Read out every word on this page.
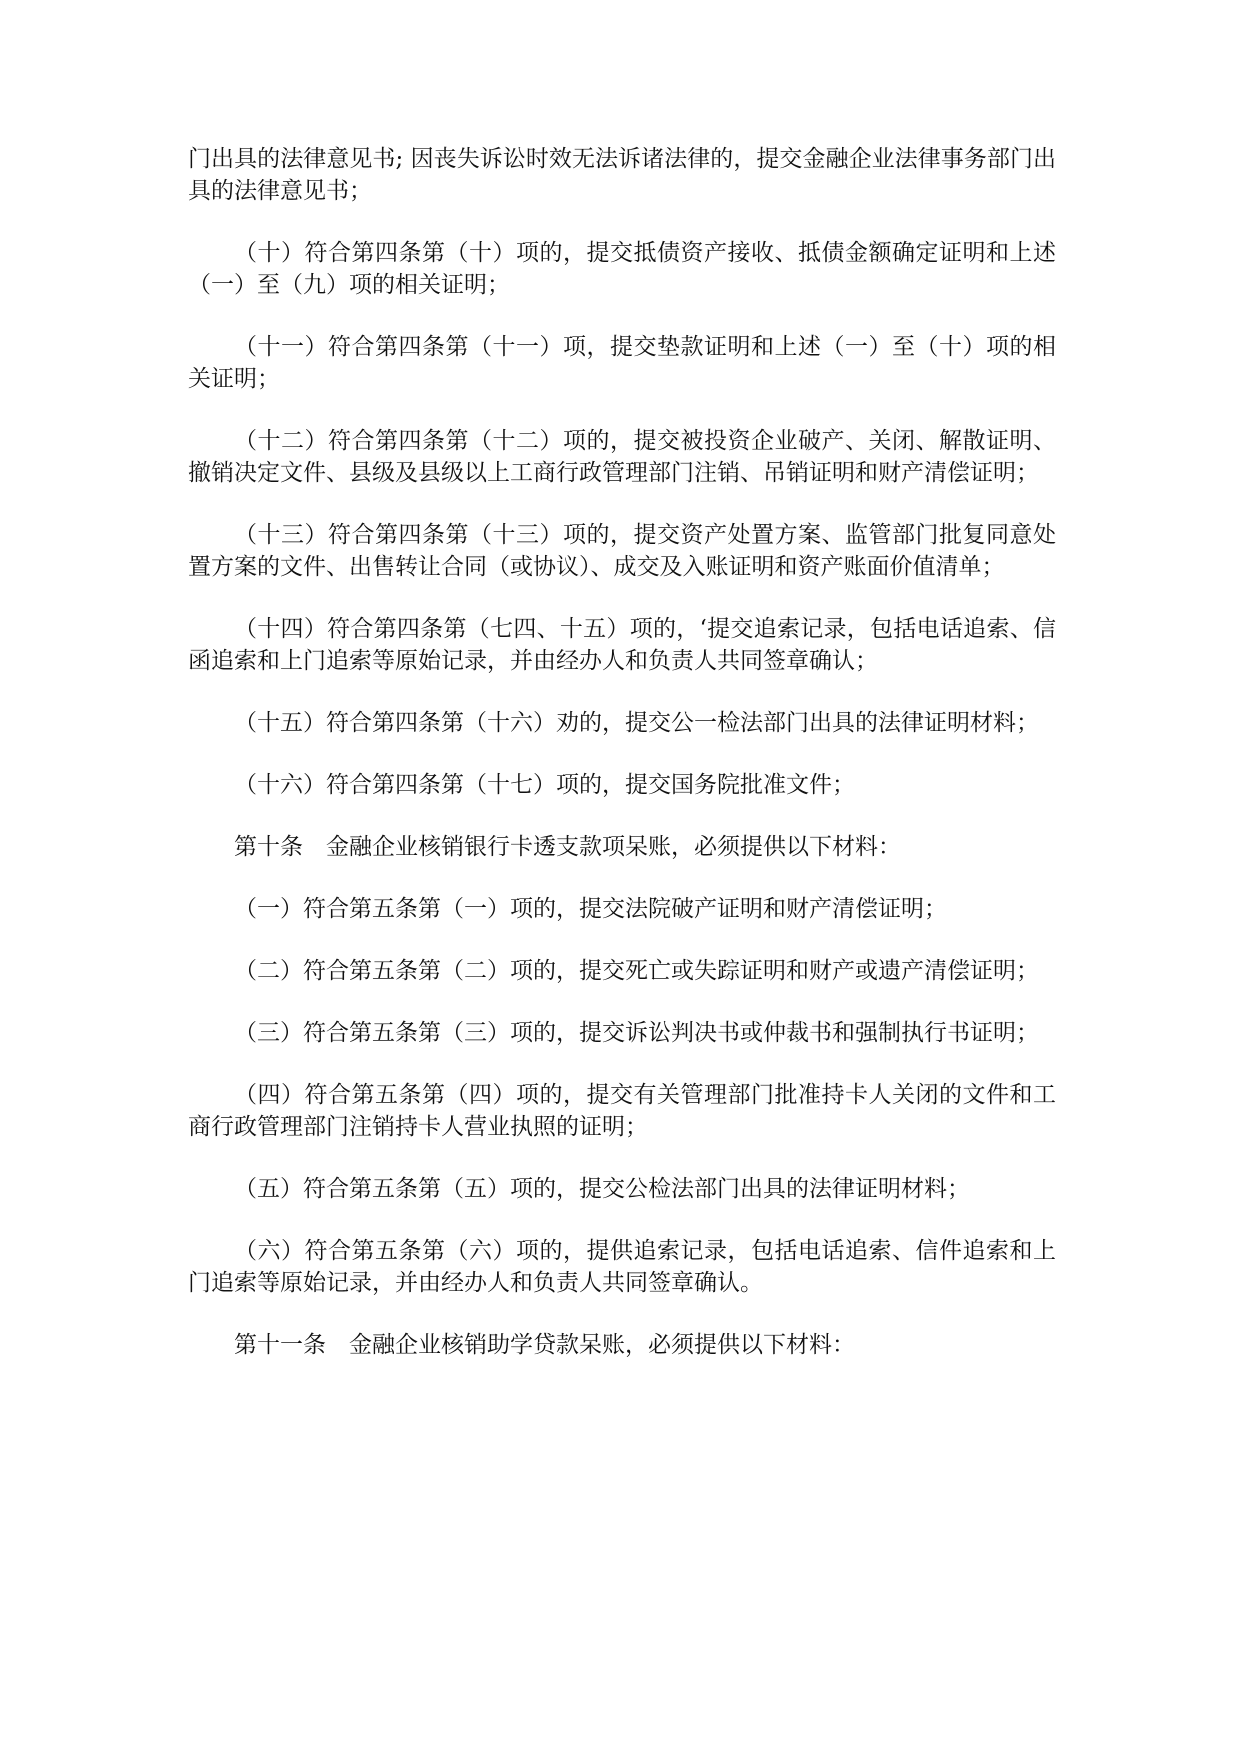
门出具的法律意见书; 因丧失诉讼时效无法诉诸法律的，提交金融企业法律事务部门出具的法律意见书；

（十）符合第四条第（十）项的，提交抵债资产接收、抵债金额确定证明和上述（一）至（九）项的相关证明；

（十一）符合第四条第（十一）项，提交垫款证明和上述（一）至（十）项的相关证明；

（十二）符合第四条第（十二）项的，提交被投资企业破产、关闭、解散证明、撤销决定文件、县级及县级以上工商行政管理部门注销、吊销证明和财产清偿证明；

（十三）符合第四条第（十三）项的，提交资产处置方案、监管部门批复同意处置方案的文件、出售转让合同（或协议）、成交及入账证明和资产账面价值清单；

（十四）符合第四条第（七四、十五）项的，‘提交追索记录，包括电话追索、信函追索和上门追索等原始记录，并由经办人和负责人共同签章确认；

（十五）符合第四条第（十六）劝的，提交公一检法部门出具的法律证明材料；

（十六）符合第四条第（十七）项的，提交国务院批准文件；

第十条　金融企业核销银行卡透支款项呆账，必须提供以下材料：

（一）符合第五条第（一）项的，提交法院破产证明和财产清偿证明；

（二）符合第五条第（二）项的，提交死亡或失踪证明和财产或遗产清偿证明；

（三）符合第五条第（三）项的，提交诉讼判决书或仲裁书和强制执行书证明；

（四）符合第五条第（四）项的，提交有关管理部门批准持卡人关闭的文件和工商行政管理部门注销持卡人营业执照的证明；

（五）符合第五条第（五）项的，提交公检法部门出具的法律证明材料；

（六）符合第五条第（六）项的，提供追索记录，包括电话追索、信件追索和上门追索等原始记录，并由经办人和负责人共同签章确认。

第十一条　金融企业核销助学贷款呆账，必须提供以下材料：
